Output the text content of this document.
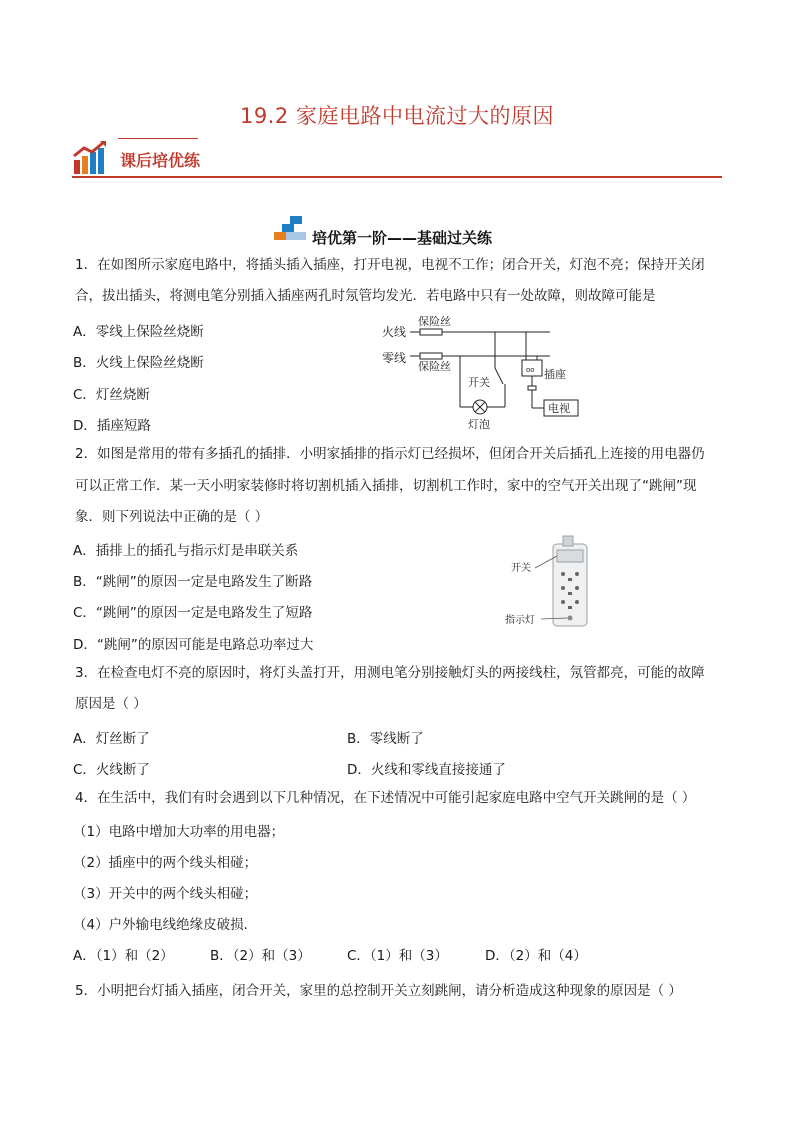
19.2 家庭电路中电流过大的原因
课后培优练
培优第一阶——基础过关练
1．在如图所示家庭电路中，将插头插入插座，打开电视，电视不工作；闭合开关，灯泡不亮；保持开关闭
合，拔出插头，将测电笔分别插入插座两孔时氖管均发光．若电路中只有一处故障，则故障可能是
A．零线上保险丝烧断
B．火线上保险丝烧断
C．灯丝烧断
D．插座短路
oo
火线
零线
保险丝
保险丝
开关
灯泡
插座
电视
2．如图是常用的带有多插孔的插排．小明家插排的指示灯已经损坏，但闭合开关后插孔上连接的用电器仍
可以正常工作．某一天小明家装修时将切割机插入插排，切割机工作时，家中的空气开关出现了“跳闸”现
象．则下列说法中正确的是（ ）
A．插排上的插孔与指示灯是串联关系
B．“跳闸”的原因一定是电路发生了断路
C．“跳闸”的原因一定是电路发生了短路
D．“跳闸”的原因可能是电路总功率过大
开关
指示灯
3．在检查电灯不亮的原因时，将灯头盖打开，用测电笔分别接触灯头的两接线柱，氖管都亮，可能的故障
原因是（ ）
A．灯丝断了	B．零线断了
C．火线断了	D．火线和零线直接接通了
4．在生活中，我们有时会遇到以下几种情况，在下述情况中可能引起家庭电路中空气开关跳闸的是（ ）
（1）电路中增加大功率的用电器；
（2）插座中的两个线头相碰；
（3）开关中的两个线头相碰；
（4）户外输电线绝缘皮破损．
A．（1）和（2）	B．（2）和（3）	C．（1）和（3）	D．（2）和（4）
5．小明把台灯插入插座，闭合开关，家里的总控制开关立刻跳闸，请分析造成这种现象的原因是（ ）
